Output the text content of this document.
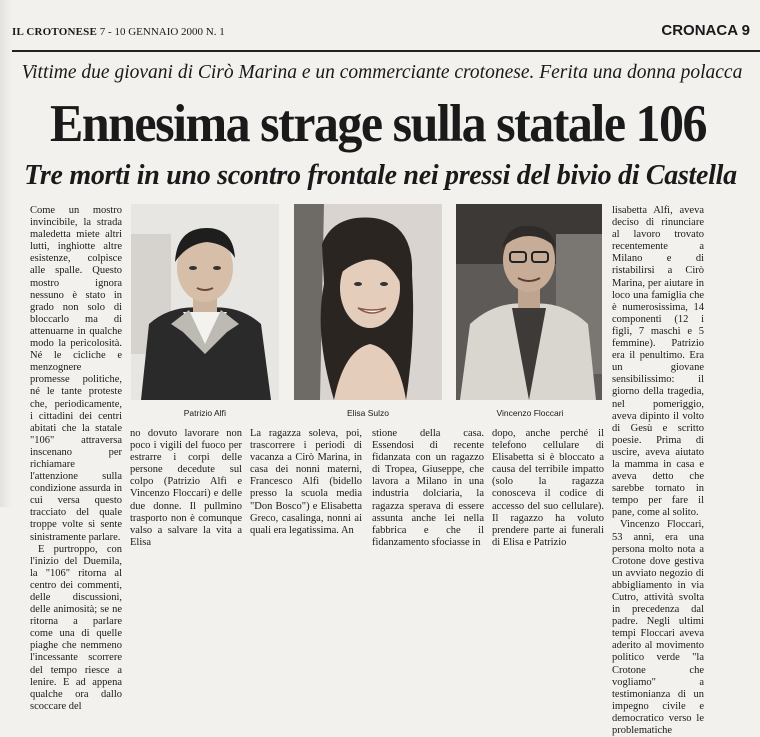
IL CROTONESE 7 - 10 GENNAIO 2000 N. 1	CRONACA 9
Vittime due giovani di Cirò Marina e un commerciante crotonese. Ferita una donna polacca
Ennesima strage sulla statale 106
Tre morti in uno scontro frontale nei pressi del bivio di Castella

Come un mostro invincibile, la strada maledetta miete altri lutti, inghiotte altre esistenze, colpisce alle spalle. Questo mostro ignora nessuno è stato in grado non solo di bloccarlo ma di attenuarne in qualche modo la pericolosità. Né le cicliche e menzognere promesse politiche, né le tante proteste che, periodicamente, i cittadini dei centri abitati che la statale "106" attraversa inscenano per richiamare l'attenzione sulla condizione assurda in cui versa questo tracciato del quale troppe volte si sente sinistramente parlare.

E purtroppo, con l'inizio del Duemila, la "106" ritorna al centro dei commenti, delle discussioni, delle animosità; se ne ritorna a parlare come una di quelle piaghe che nemmeno l'incessante scorrere del tempo riesce a lenire. E ad appena qualche ora dallo scoccare del

Patrizio Alfì	Elisa Sulzo	Vincenzo Floccari
no dovuto lavorare non poco i vigili del fuoco per estrarre i corpi delle persone decedute sul colpo (Patrizio Alfì e Vincenzo Floccari) e delle due donne. Il pullmino trasporto non è comunque valso a salvare la vita a Elisa
La ragazza soleva, poi, trascorrere i periodi di vacanza a Cirò Marina, in casa dei nonni materni, Francesco Alfì (bidello presso la scuola media "Don Bosco") e Elisabetta Greco, casalinga, nonni ai quali era legatissima. An
stione della casa. Essendosi di recente fidanzata con un ragazzo di Tropea, Giuseppe, che lavora a Milano in una industria dolciaria, la ragazza sperava di essere assunta anche lei nella fabbrica e che il fidanzamento sfociasse in
dopo, anche perché il telefono cellulare di Elisabetta si è bloccato a causa del terribile impatto (solo la ragazza conosceva il codice di accesso del suo cellulare). Il ragazzo ha voluto prendere parte ai funerali di Elisa e Patrizio

lisabetta Alfì, aveva deciso di rinunciare al lavoro trovato recentemente a Milano e di ristabilirsi a Cirò Marina, per aiutare in loco una famiglia che è numerosissima, 14 componenti (12 i figli, 7 maschi e 5 femmine). Patrizio era il penultimo. Era un giovane sensibilissimo: il giorno della tragedia, nel pomeriggio, aveva dipinto il volto di Gesù e scritto poesie. Prima di uscire, aveva aiutato la mamma in casa e aveva detto che sarebbe tornato in tempo per fare il pane, come al solito.

Vincenzo Floccari, 53 anni, era una persona molto nota a Crotone dove gestiva un avviato negozio di abbigliamento in via Cutro, attività svolta in precedenza dal padre. Negli ultimi tempi Floccari aveva aderito al movimento politico verde "la Crotone che vogliamo" a testimonianza di un impegno civile e democratico verso le problematiche
